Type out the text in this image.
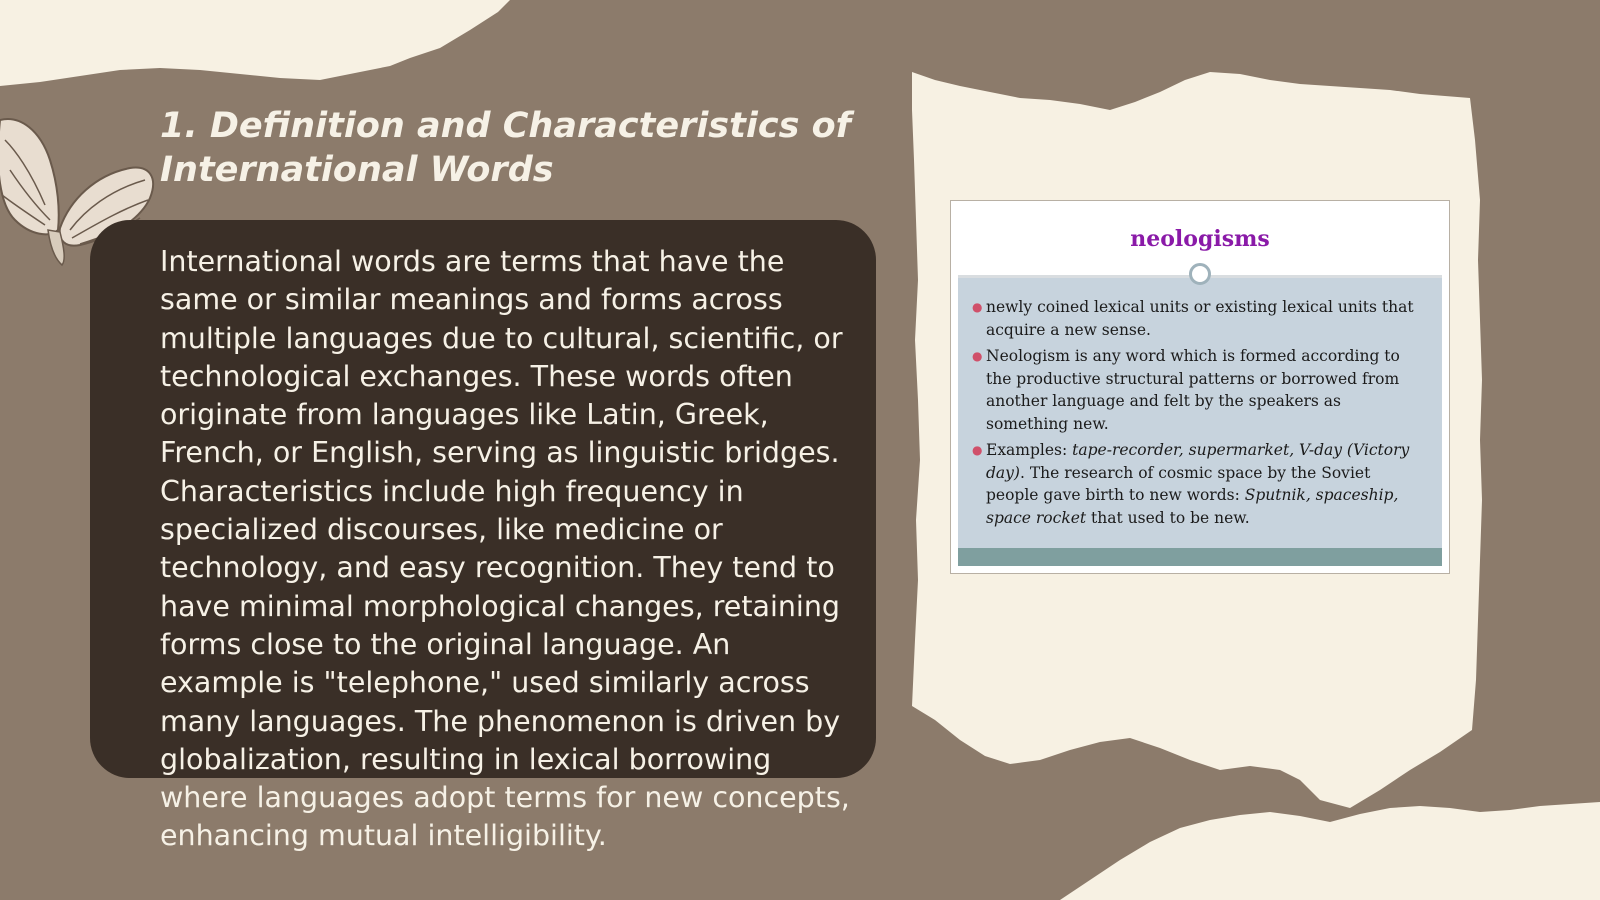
1. Definition and Characteristics of
International Words

International words are terms that have the same or similar meanings and forms across multiple languages due to cultural, scientific, or technological exchanges. These words often originate from languages like Latin, Greek, French, or English, serving as linguistic bridges. Characteristics include high frequency in specialized discourses, like medicine or technology, and easy recognition. They tend to have minimal morphological changes, retaining forms close to the original language. An example is "telephone," used similarly across many languages. The phenomenon is driven by globalization, resulting in lexical borrowing where languages adopt terms for new concepts, enhancing mutual intelligibility.

neologisms

● newly coined lexical units or existing lexical units that acquire a new sense.
● Neologism is any word which is formed according to the productive structural patterns or borrowed from another language and felt by the speakers as something new.
● Examples: tape-recorder, supermarket, V-day (Victory day). The research of cosmic space by the Soviet people gave birth to new words: Sputnik, spaceship, space rocket that used to be new.
